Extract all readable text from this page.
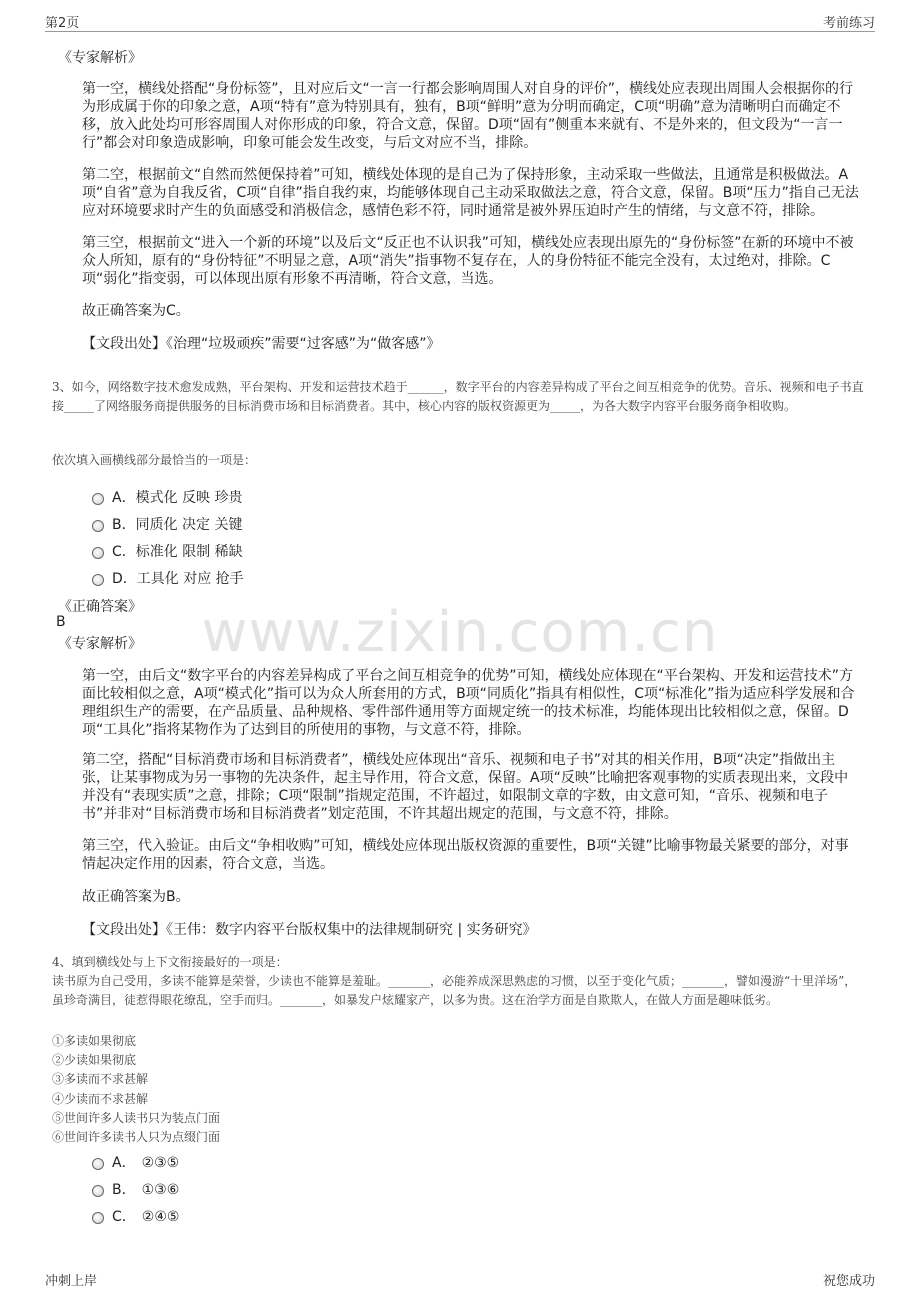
第2页	考前练习
www.zixin.com.cn
《专家解析》
第一空，横线处搭配“身份标签”，且对应后文“一言一行都会影响周围人对自身的评价”，横线处应表现出周围人会根据你的行为形成属于你的印象之意，A项“特有”意为特别具有，独有，B项“鲜明”意为分明而确定，C项“明确”意为清晰明白而确定不移，放入此处均可形容周围人对你形成的印象，符合文意，保留。D项“固有”侧重本来就有、不是外来的，但文段为“一言一行”都会对印象造成影响，印象可能会发生改变，与后文对应不当，排除。
第二空，根据前文“自然而然便保持着”可知，横线处体现的是自己为了保持形象，主动采取一些做法，且通常是积极做法。A项“自省”意为自我反省，C项“自律”指自我约束，均能够体现自己主动采取做法之意，符合文意，保留。B项“压力”指自己无法应对环境要求时产生的负面感受和消极信念，感情色彩不符，同时通常是被外界压迫时产生的情绪，与文意不符，排除。
第三空，根据前文“进入一个新的环境”以及后文“反正也不认识我”可知，横线处应表现出原先的“身份标签”在新的环境中不被众人所知，原有的“身份特征”不明显之意，A项“消失”指事物不复存在，人的身份特征不能完全没有，太过绝对，排除。C项“弱化”指变弱，可以体现出原有形象不再清晰，符合文意，当选。
故正确答案为C。
【文段出处】《治理“垃圾顽疾”需要“过客感”为“做客感”》
3、如今，网络数字技术愈发成熟，平台架构、开发和运营技术趋于______，数字平台的内容差异构成了平台之间互相竞争的优势。音乐、视频和电子书直接_____了网络服务商提供服务的目标消费市场和目标消费者。其中，核心内容的版权资源更为_____，为各大数字内容平台服务商争相收购。
依次填入画横线部分最恰当的一项是：
A．模式化 反映 珍贵
B．同质化 决定 关键
C．标准化 限制 稀缺
D．工具化 对应 抢手
《正确答案》
B
《专家解析》
第一空，由后文“数字平台的内容差异构成了平台之间互相竞争的优势”可知，横线处应体现在“平台架构、开发和运营技术”方面比较相似之意，A项“模式化”指可以为众人所套用的方式，B项“同质化”指具有相似性，C项“标准化”指为适应科学发展和合理组织生产的需要，在产品质量、品种规格、零件部件通用等方面规定统一的技术标准，均能体现出比较相似之意，保留。D项“工具化”指将某物作为了达到目的所使用的事物，与文意不符，排除。
第二空，搭配“目标消费市场和目标消费者”，横线处应体现出“音乐、视频和电子书”对其的相关作用，B项“决定”指做出主张，让某事物成为另一事物的先决条件，起主导作用，符合文意，保留。A项“反映”比喻把客观事物的实质表现出来，文段中并没有“表现实质”之意，排除；C项“限制”指规定范围，不许超过，如限制文章的字数，由文意可知，“音乐、视频和电子书”并非对“目标消费市场和目标消费者”划定范围，不许其超出规定的范围，与文意不符，排除。
第三空，代入验证。由后文“争相收购”可知，横线处应体现出版权资源的重要性，B项“关键”比喻事物最关紧要的部分，对事情起决定作用的因素，符合文意，当选。
故正确答案为B。
【文段出处】《王伟：数字内容平台版权集中的法律规制研究 | 实务研究》
4、填到横线处与上下文衔接最好的一项是：
读书原为自己受用，多读不能算是荣誉，少读也不能算是羞耻。_______，必能养成深思熟虑的习惯，以至于变化气质；_______，譬如漫游“十里洋场”，虽珍奇满目，徒惹得眼花缭乱，空手而归。_______，如暴发户炫耀家产，以多为贵。这在治学方面是自欺欺人，在做人方面是趣味低劣。
①多读如果彻底
②少读如果彻底
③多读而不求甚解
④少读而不求甚解
⑤世间许多人读书只为装点门面
⑥世间许多读书人只为点缀门面
A． ②③⑤
B． ①③⑥
C． ②④⑤
冲刺上岸	祝您成功
